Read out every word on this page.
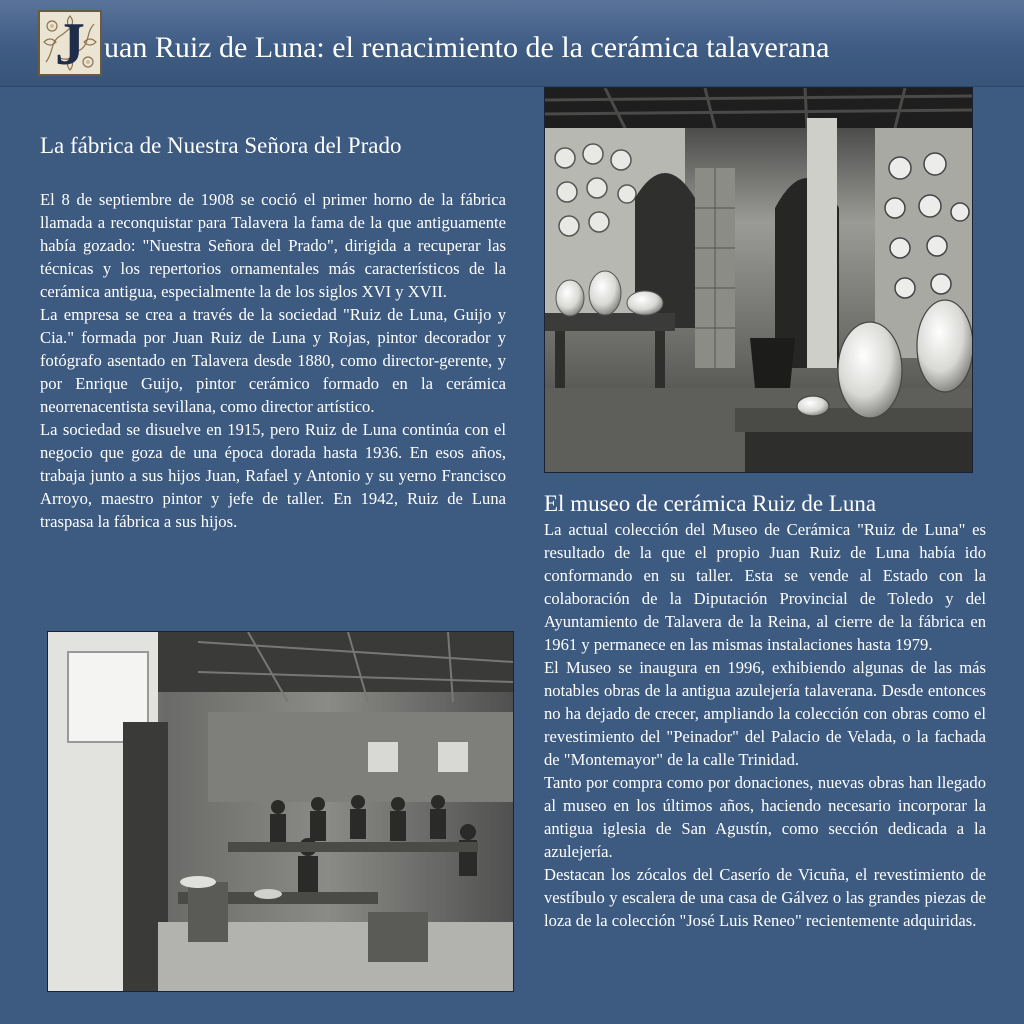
J uan Ruiz de Luna: el renacimiento de la cerámica talaverana
La fábrica de Nuestra Señora del Prado

El 8 de septiembre de 1908 se coció el primer horno de la fábrica llamada a reconquistar para Talavera la fama de la que antiguamente había gozado: "Nuestra Señora del Prado", dirigida a recuperar las técnicas y los repertorios ornamentales más característicos de la cerámica antigua, especialmente la de los siglos XVI y XVII.

La empresa se crea a través de la sociedad "Ruiz de Luna, Guijo y Cia." formada por Juan Ruiz de Luna y Rojas, pintor decorador y fotógrafo asentado en Talavera desde 1880, como director-gerente, y por Enrique Guijo, pintor cerámico formado en la cerámica neorrenacentista sevillana, como director artístico.

La sociedad se disuelve en 1915, pero Ruiz de Luna continúa con el negocio que goza de una época dorada hasta 1936. En esos años, trabaja junto a sus hijos Juan, Rafael y Antonio y su yerno Francisco Arroyo, maestro pintor y jefe de taller. En 1942, Ruiz de Luna traspasa la fábrica a sus hijos.

El museo de cerámica Ruiz de Luna

La actual colección del Museo de Cerámica "Ruiz de Luna" es resultado de la que el propio Juan Ruiz de Luna había ido conformando en su taller. Esta se vende al Estado con la colaboración de la Diputación Provincial de Toledo y del Ayuntamiento de Talavera de la Reina, al cierre de la fábrica en 1961 y permanece en las mismas instalaciones hasta 1979.

El Museo se inaugura en 1996, exhibiendo algunas de las más notables obras de la antigua azulejería talaverana. Desde entonces no ha dejado de crecer, ampliando la colección con obras como el revestimiento del "Peinador" del Palacio de Velada, o la fachada de "Montemayor" de la calle Trinidad.

Tanto por compra como por donaciones, nuevas obras han llegado al museo en los últimos años, haciendo necesario incorporar la antigua iglesia de San Agustín, como sección dedicada a la azulejería.

Destacan los zócalos del Caserío de Vicuña, el revestimiento de vestíbulo y escalera de una casa de Gálvez o las grandes piezas de loza de la colección "José Luis Reneo" recientemente adquiridas.
